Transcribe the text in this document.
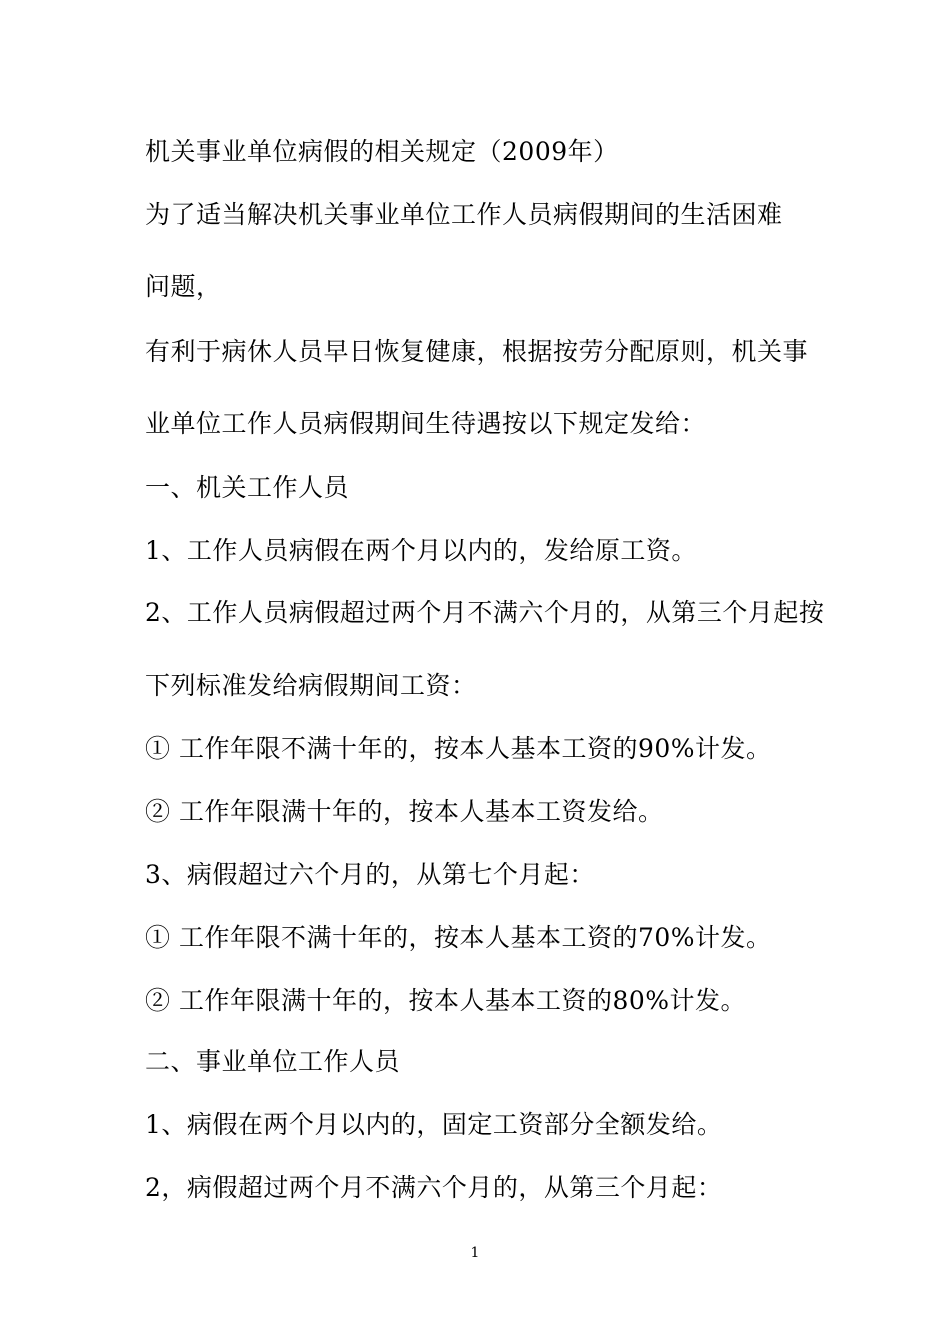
机关事业单位病假的相关规定（2009年）
为了适当解决机关事业单位工作人员病假期间的生活困难
问题，
有利于病休人员早日恢复健康，根据按劳分配原则，机关事
业单位工作人员病假期间生待遇按以下规定发给：
一、机关工作人员
1、工作人员病假在两个月以内的，发给原工资。
2、工作人员病假超过两个月不满六个月的，从第三个月起按
下列标准发给病假期间工资：
① 工作年限不满十年的，按本人基本工资的90%计发。
② 工作年限满十年的，按本人基本工资发给。
3、病假超过六个月的，从第七个月起：
① 工作年限不满十年的，按本人基本工资的70%计发。
② 工作年限满十年的，按本人基本工资的80%计发。
二、事业单位工作人员
1、病假在两个月以内的，固定工资部分全额发给。
2，病假超过两个月不满六个月的，从第三个月起：
1
